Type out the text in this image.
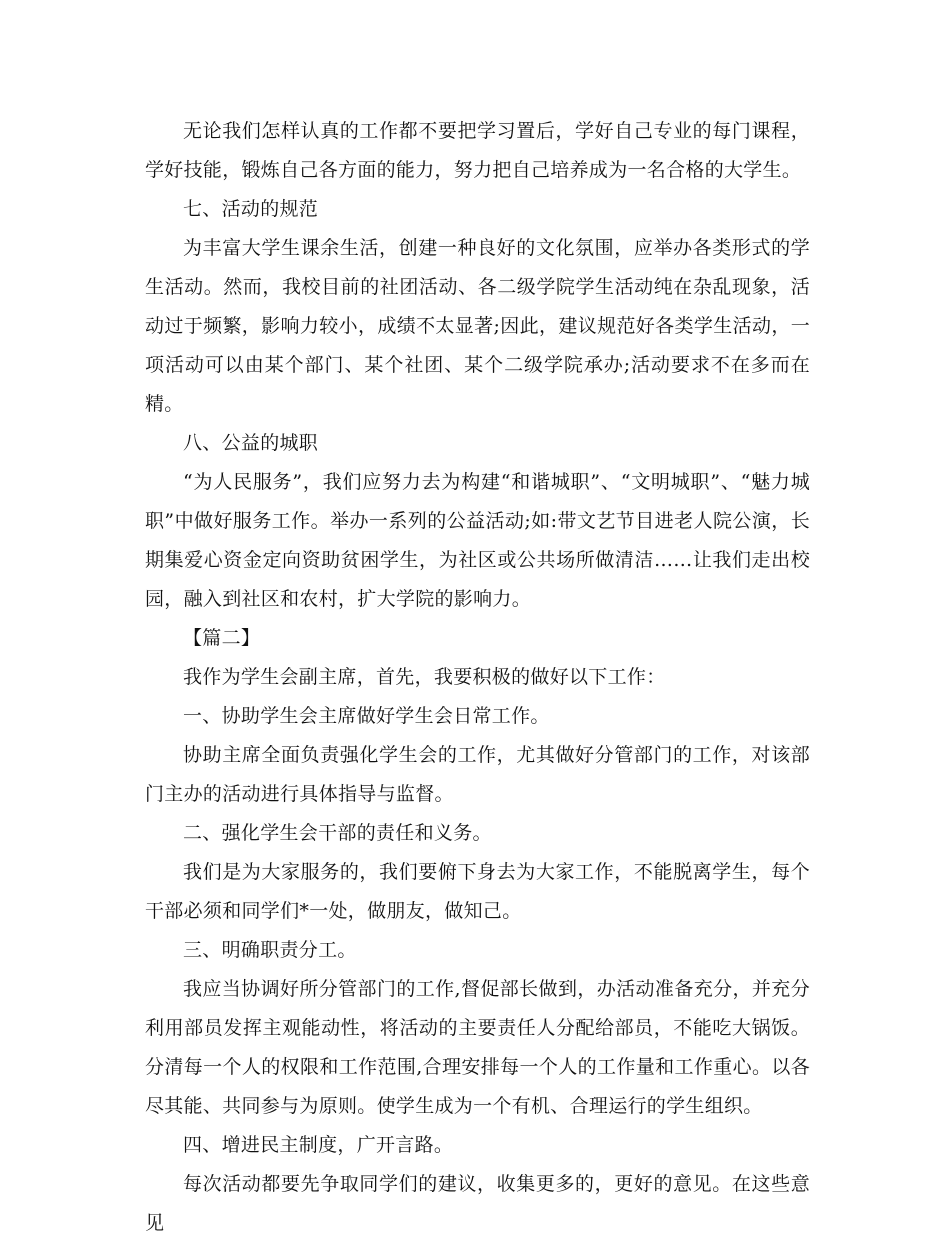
无论我们怎样认真的工作都不要把学习置后，学好自己专业的每门课程，学好技能，锻炼自己各方面的能力，努力把自己培养成为一名合格的大学生。

七、活动的规范

为丰富大学生课余生活，创建一种良好的文化氛围，应举办各类形式的学生活动。然而，我校目前的社团活动、各二级学院学生活动纯在杂乱现象，活动过于频繁，影响力较小，成绩不太显著;因此，建议规范好各类学生活动，一项活动可以由某个部门、某个社团、某个二级学院承办;活动要求不在多而在精。

八、公益的城职

“为人民服务”，我们应努力去为构建“和谐城职”、“文明城职”、“魅力城职”中做好服务工作。举办一系列的公益活动;如:带文艺节目进老人院公演，长期集爱心资金定向资助贫困学生，为社区或公共场所做清洁……让我们走出校园，融入到社区和农村，扩大学院的影响力。

【篇二】

我作为学生会副主席，首先，我要积极的做好以下工作：

一、协助学生会主席做好学生会日常工作。

协助主席全面负责强化学生会的工作，尤其做好分管部门的工作，对该部门主办的活动进行具体指导与监督。

二、强化学生会干部的责任和义务。

我们是为大家服务的，我们要俯下身去为大家工作，不能脱离学生，每个干部必须和同学们*一处，做朋友，做知己。

三、明确职责分工。

我应当协调好所分管部门的工作,督促部长做到，办活动准备充分，并充分利用部员发挥主观能动性，将活动的主要责任人分配给部员，不能吃大锅饭。分清每一个人的权限和工作范围,合理安排每一个人的工作量和工作重心。以各尽其能、共同参与为原则。使学生成为一个有机、合理运行的学生组织。

四、增进民主制度，广开言路。

每次活动都要先争取同学们的建议，收集更多的，更好的意见。在这些意见
